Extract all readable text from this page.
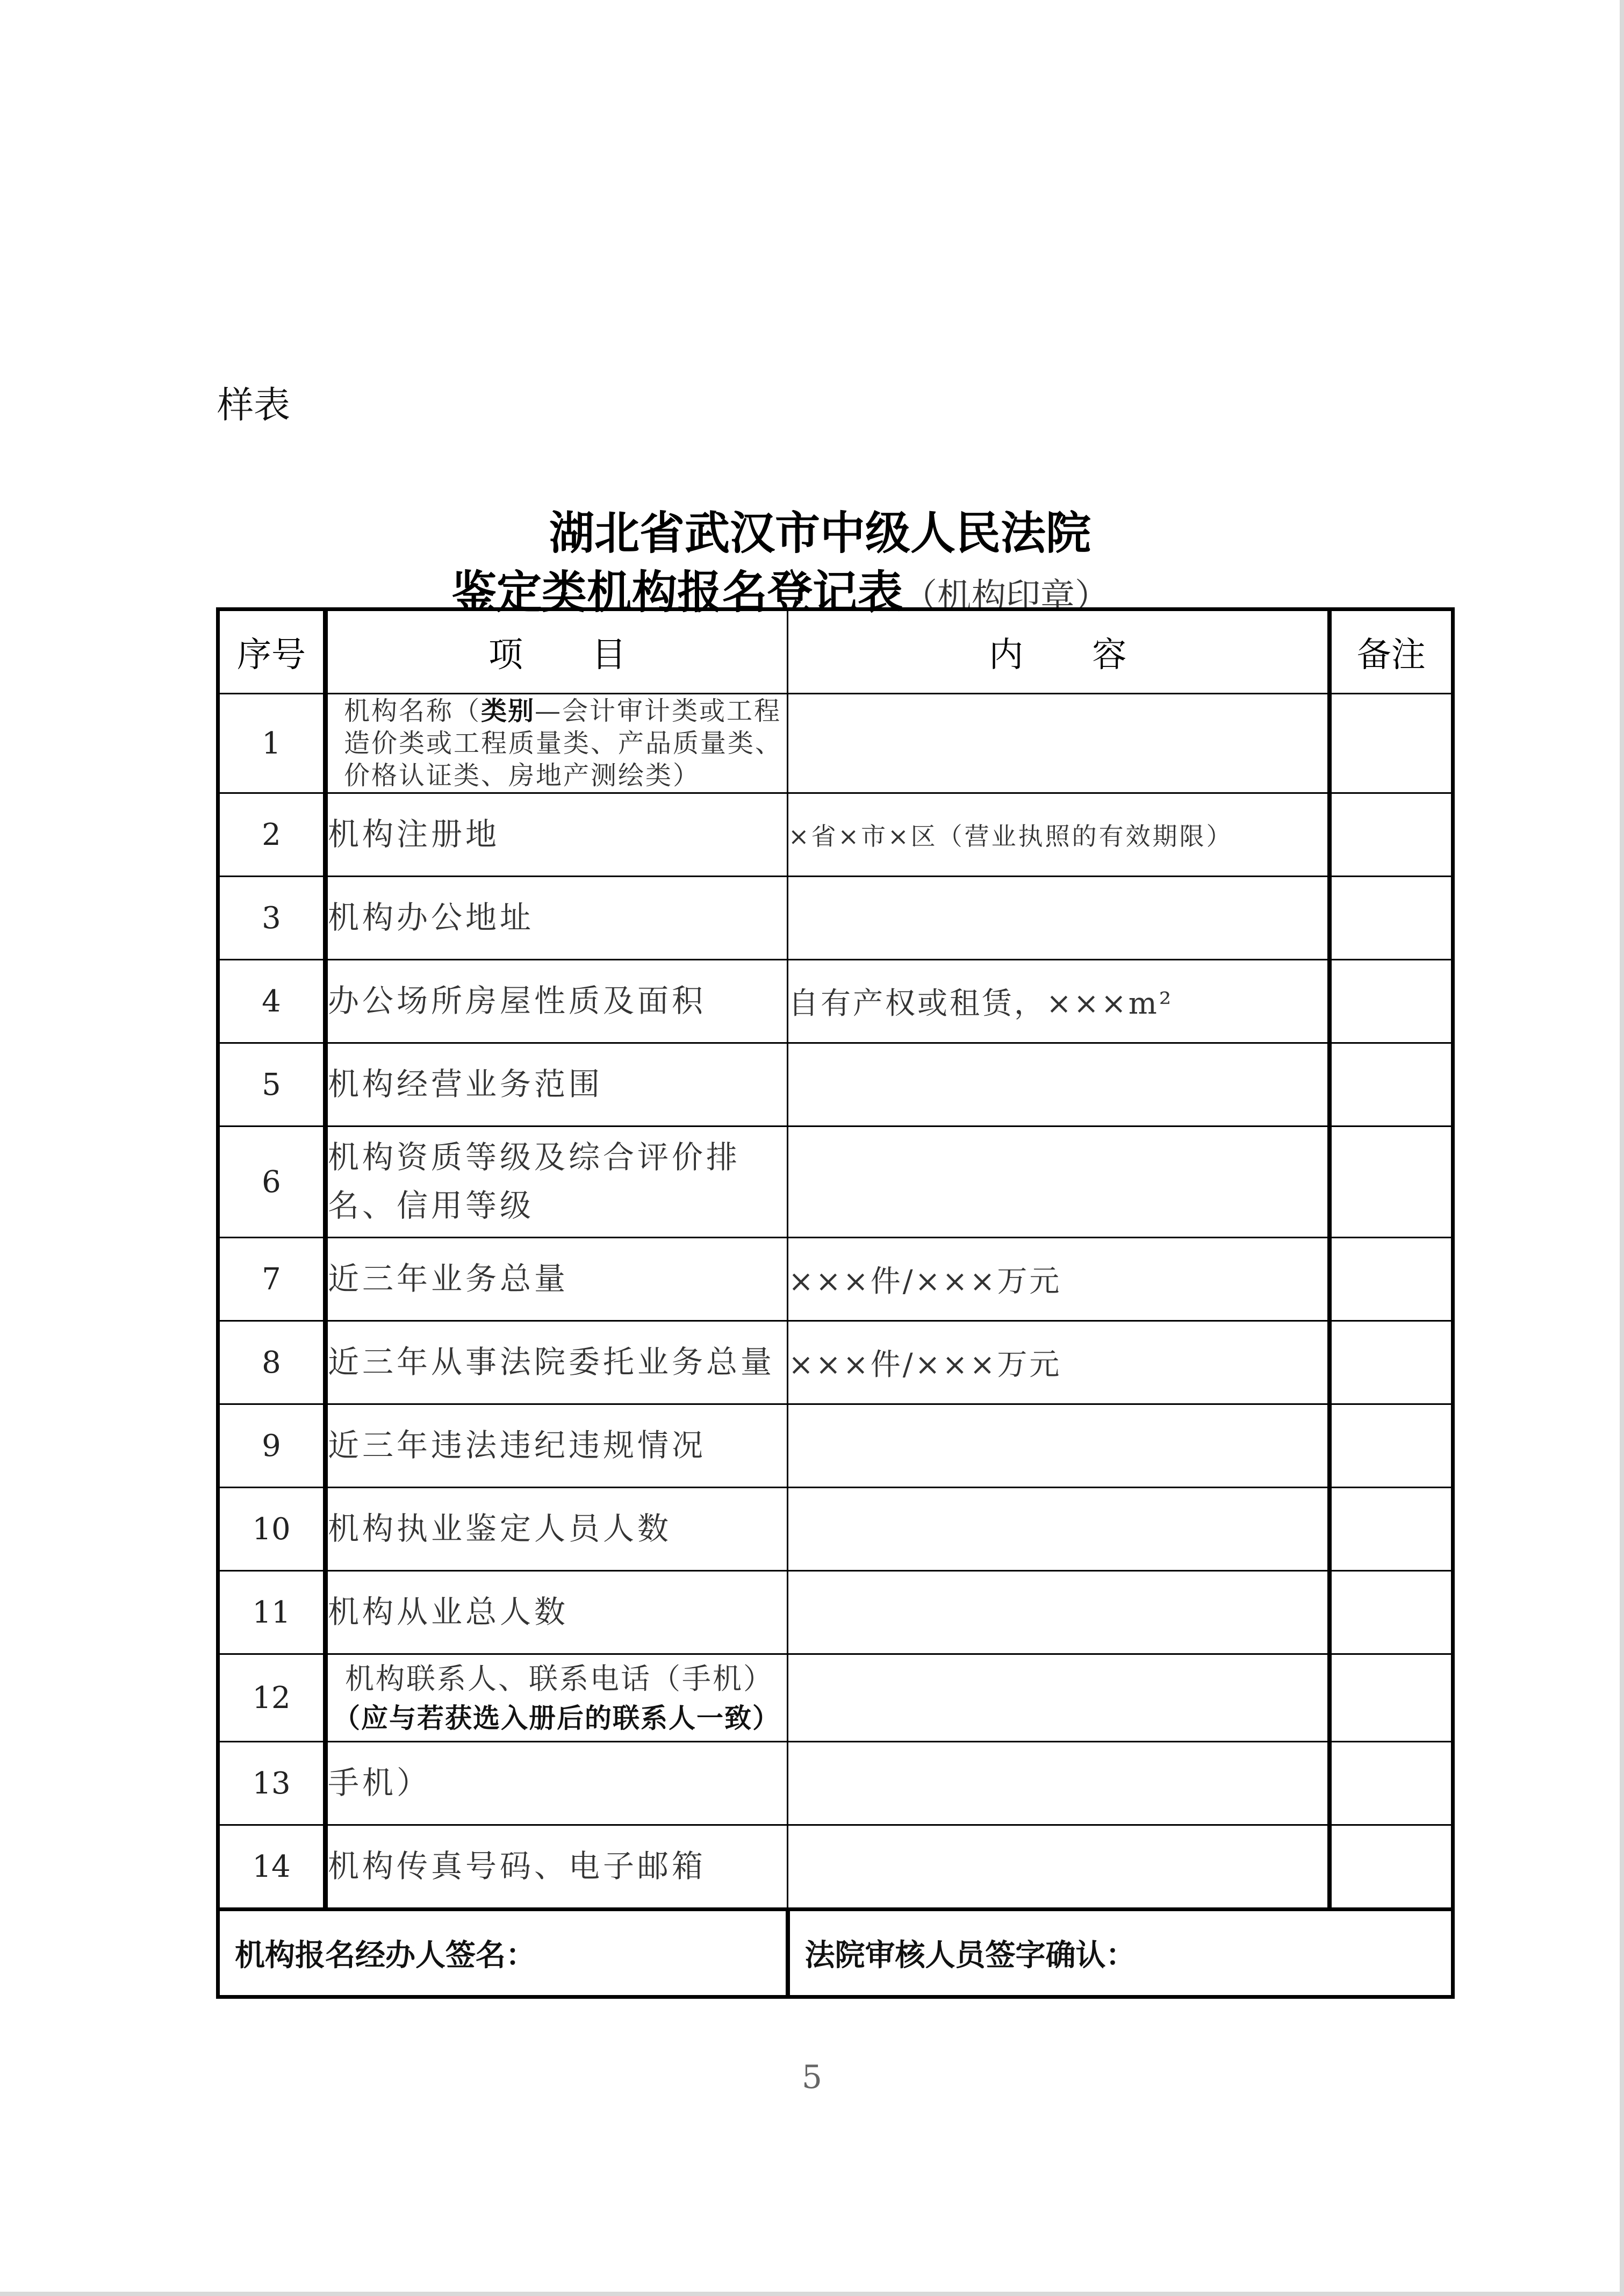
样表
湖北省武汉市中级人民法院
鉴定类机构报名登记表（机构印章）
序号	项　　目	内　　容	备注
1	机构名称（类别—会计审计类或工程造价类或工程质量类、产品质量类、价格认证类、房地产测绘类）		
2	机构注册地	×省×市×区（营业执照的有效期限）	
3	机构办公地址		
4	办公场所房屋性质及面积	自有产权或租赁，×××m²	
5	机构经营业务范围		
6	机构资质等级及综合评价排名、信用等级		
7	近三年业务总量	×××件/×××万元	
8	近三年从事法院委托业务总量	×××件/×××万元	
9	近三年违法违纪违规情况		
10	机构执业鉴定人员人数		
11	机构从业总人数		
12	机构联系人、联系电话（手机）
（应与若获选入册后的联系人一致）		

13	手机）		
14	机构传真号码、电子邮箱		
机构报名经办人签名：		法院审核人员签字确认：	
5
